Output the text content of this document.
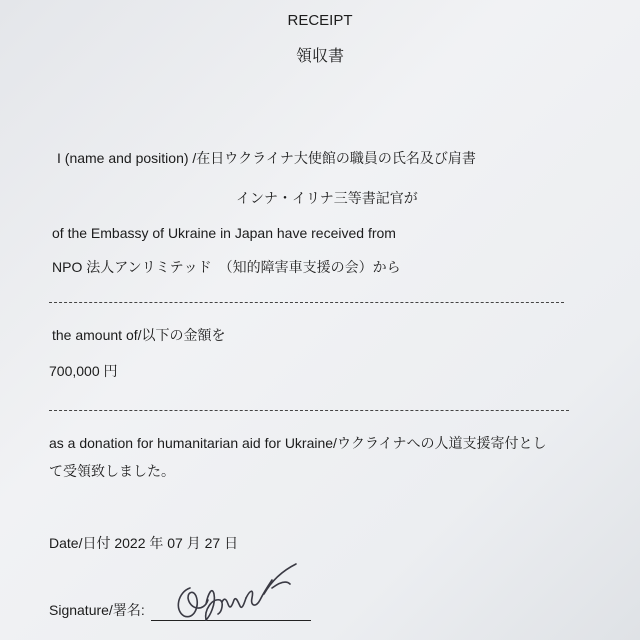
RECEIPT
領収書
I (name and position) /在日ウクライナ大使館の職員の氏名及び肩書
インナ・イリナ三等書記官が
of the Embassy of Ukraine in Japan have received from
NPO 法人アンリミテッド　（知的障害車支援の会）から
the amount of/以下の金額を
700,000 円
as a donation for humanitarian aid for Ukraine/ウクライナへの人道支援寄付とし
て受領致しました。
Date/日付 2022 年 07 月 27 日
Signature/署名:
